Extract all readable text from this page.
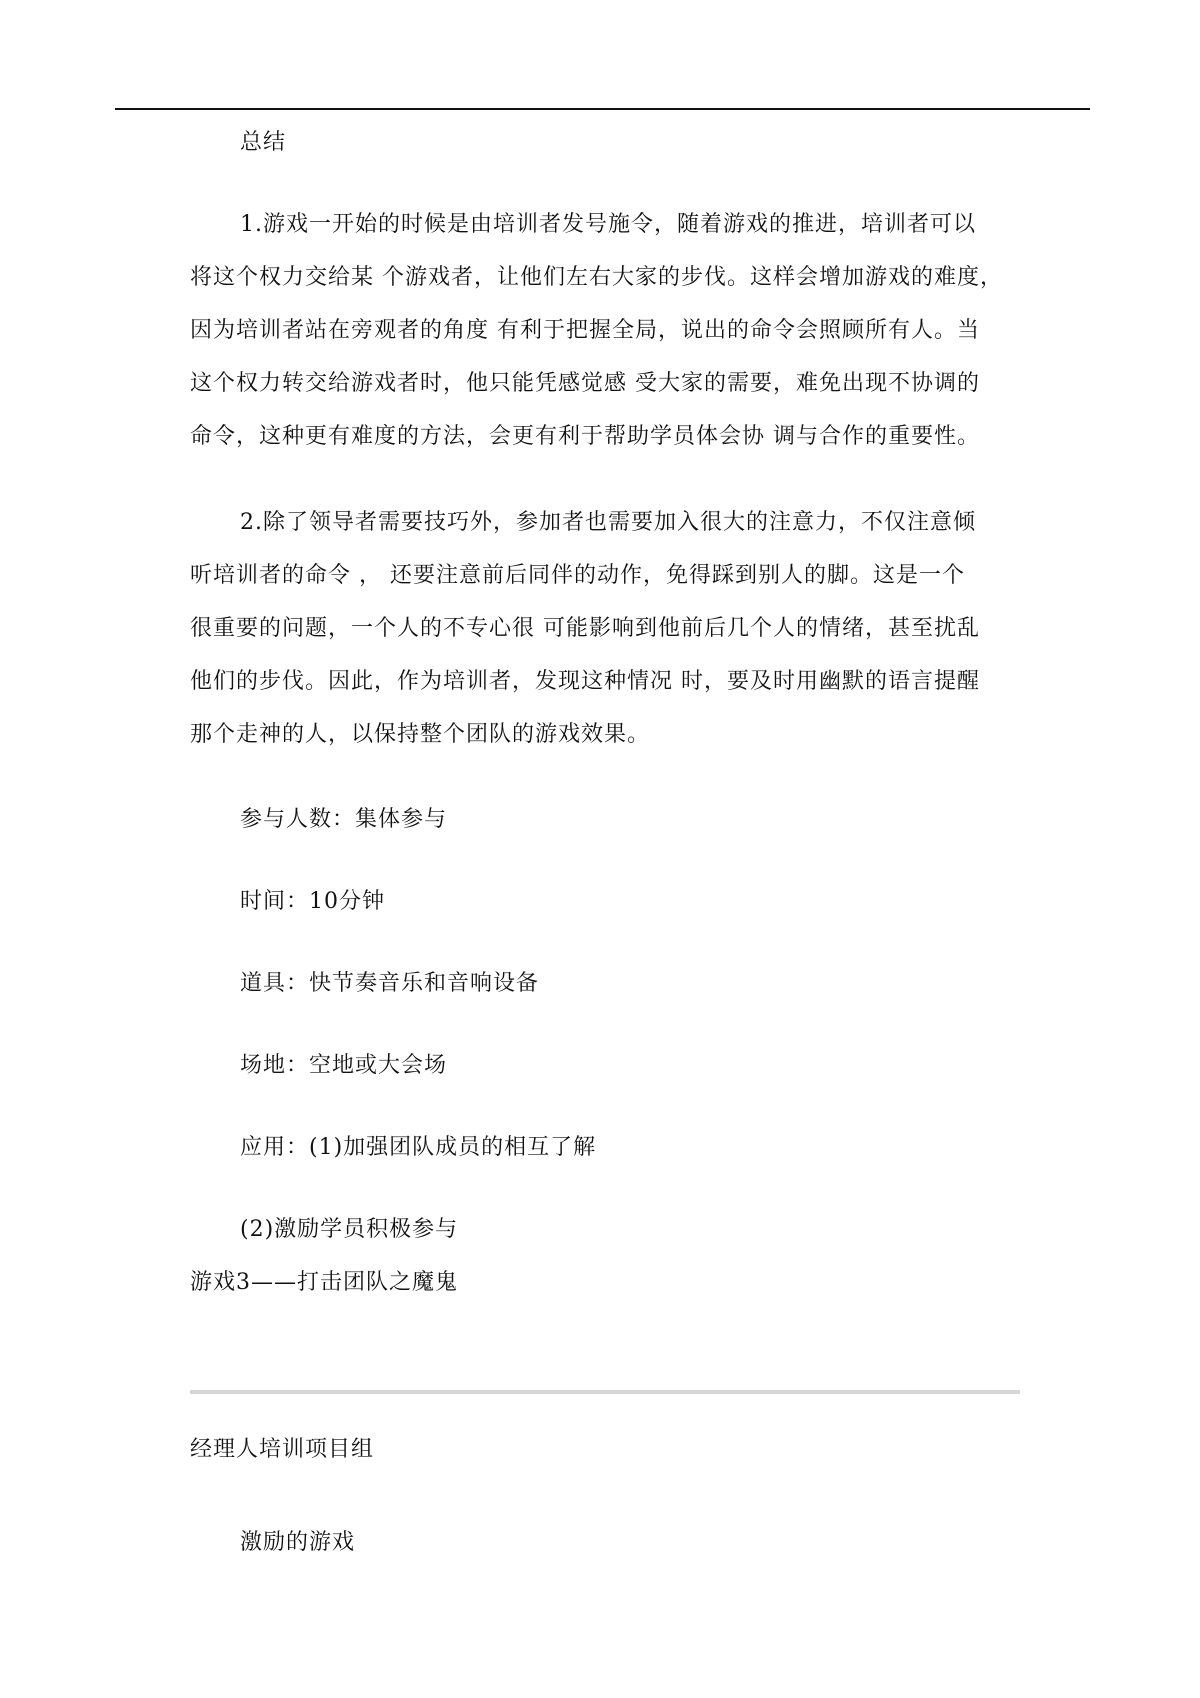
总结
1.游戏一开始的时候是由培训者发号施令，随着游戏的推进，培训者可以
将这个权力交给某 个游戏者，让他们左右大家的步伐。这样会增加游戏的难度，
因为培训者站在旁观者的角度 有利于把握全局，说出的命令会照顾所有人。当
这个权力转交给游戏者时，他只能凭感觉感 受大家的需要，难免出现不协调的
命令，这种更有难度的方法，会更有利于帮助学员体会协 调与合作的重要性。
2.除了领导者需要技巧外，参加者也需要加入很大的注意力，不仅注意倾
听培训者的命令 ， 还要注意前后同伴的动作，免得踩到别人的脚。这是一个
很重要的问题，一个人的不专心很 可能影响到他前后几个人的情绪，甚至扰乱
他们的步伐。因此，作为培训者，发现这种情况 时，要及时用幽默的语言提醒
那个走神的人，以保持整个团队的游戏效果。
参与人数：集体参与
时间：10分钟
道具：快节奏音乐和音响设备
场地：空地或大会场
应用：(1)加强团队成员的相互了解
(2)激励学员积极参与
游戏3——打击团队之魔鬼
经理人培训项目组
激励的游戏
